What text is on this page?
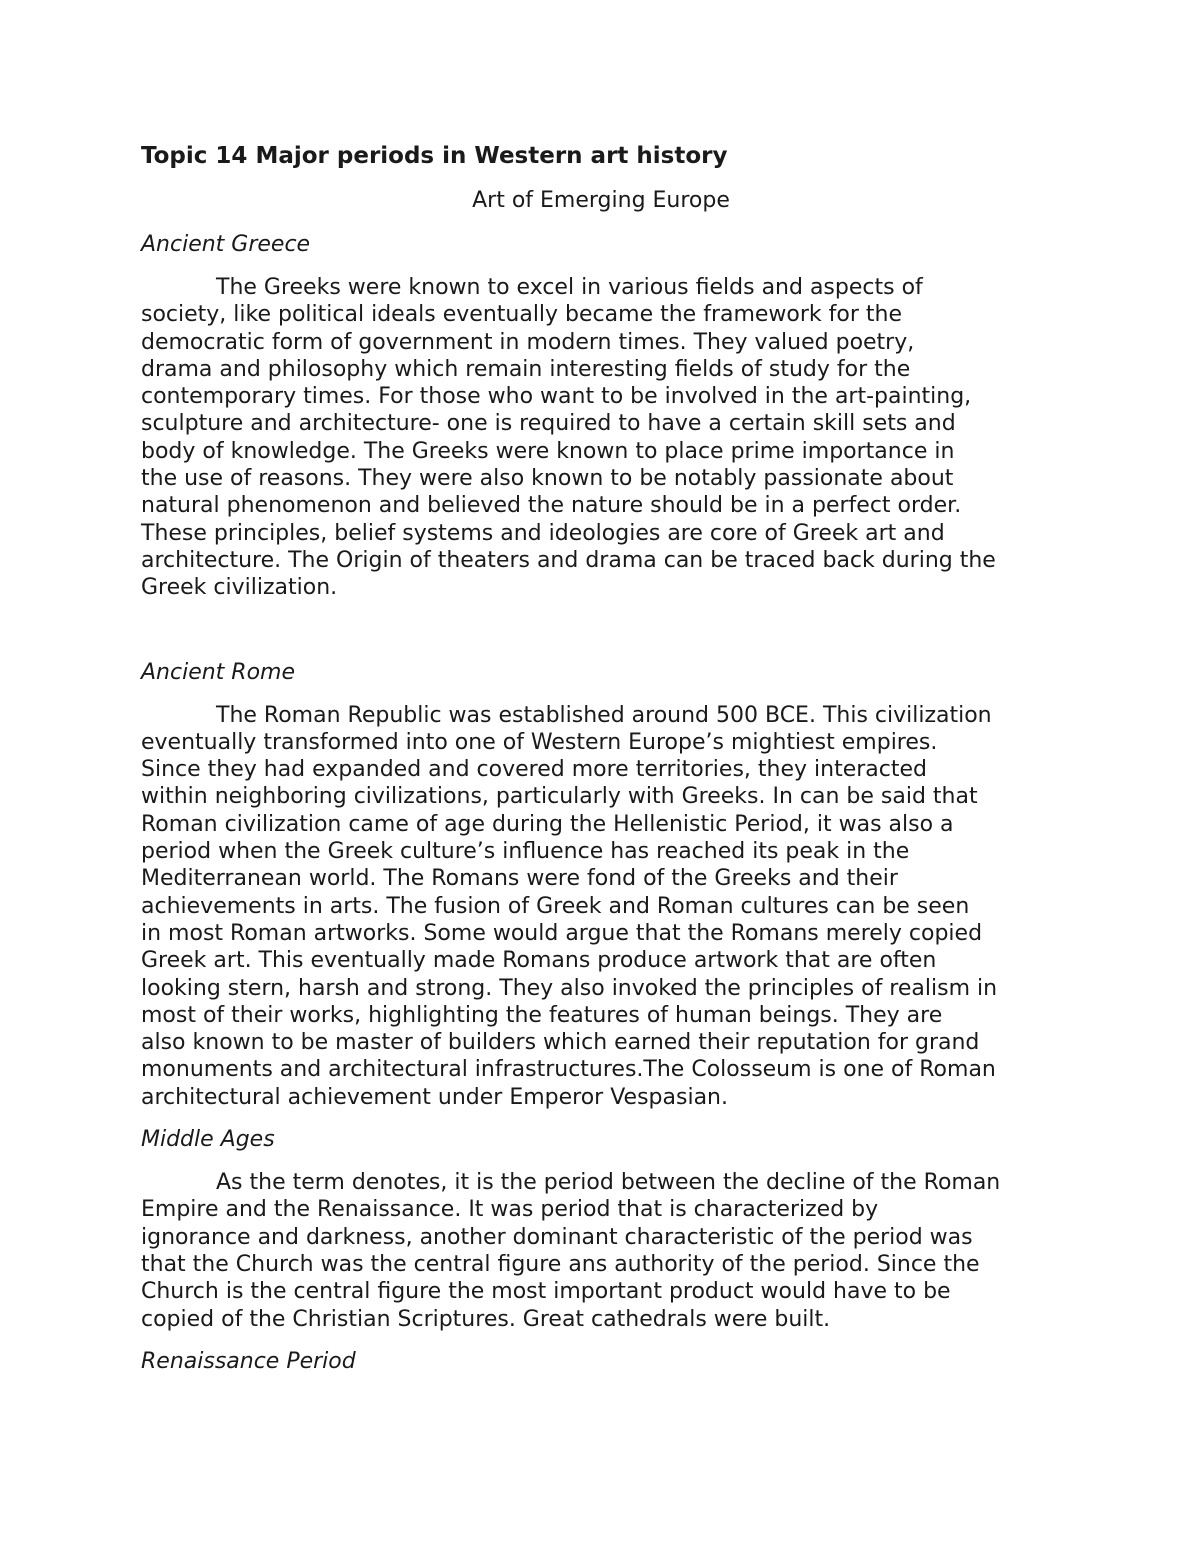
Topic 14 Major periods in Western art history
Art of Emerging Europe
Ancient Greece
The Greeks were known to excel in various fields and aspects of
society, like political ideals eventually became the framework for the
democratic form of government in modern times. They valued poetry,
drama and philosophy which remain interesting fields of study for the
contemporary times. For those who want to be involved in the art-painting,
sculpture and architecture- one is required to have a certain skill sets and
body of knowledge. The Greeks were known to place prime importance in
the use of reasons. They were also known to be notably passionate about
natural phenomenon and believed the nature should be in a perfect order.
These principles, belief systems and ideologies are core of Greek art and
architecture. The Origin of theaters and drama can be traced back during the
Greek civilization.
Ancient Rome
The Roman Republic was established around 500 BCE. This civilization
eventually transformed into one of Western Europe’s mightiest empires.
Since they had expanded and covered more territories, they interacted
within neighboring civilizations, particularly with Greeks. In can be said that
Roman civilization came of age during the Hellenistic Period, it was also a
period when the Greek culture’s influence has reached its peak in the
Mediterranean world. The Romans were fond of the Greeks and their
achievements in arts. The fusion of Greek and Roman cultures can be seen
in most Roman artworks. Some would argue that the Romans merely copied
Greek art. This eventually made Romans produce artwork that are often
looking stern, harsh and strong. They also invoked the principles of realism in
most of their works, highlighting the features of human beings. They are
also known to be master of builders which earned their reputation for grand
monuments and architectural infrastructures.The Colosseum is one of Roman
architectural achievement under Emperor Vespasian.
Middle Ages
As the term denotes, it is the period between the decline of the Roman
Empire and the Renaissance. It was period that is characterized by
ignorance and darkness, another dominant characteristic of the period was
that the Church was the central figure ans authority of the period. Since the
Church is the central figure the most important product would have to be
copied of the Christian Scriptures. Great cathedrals were built.
Renaissance Period
